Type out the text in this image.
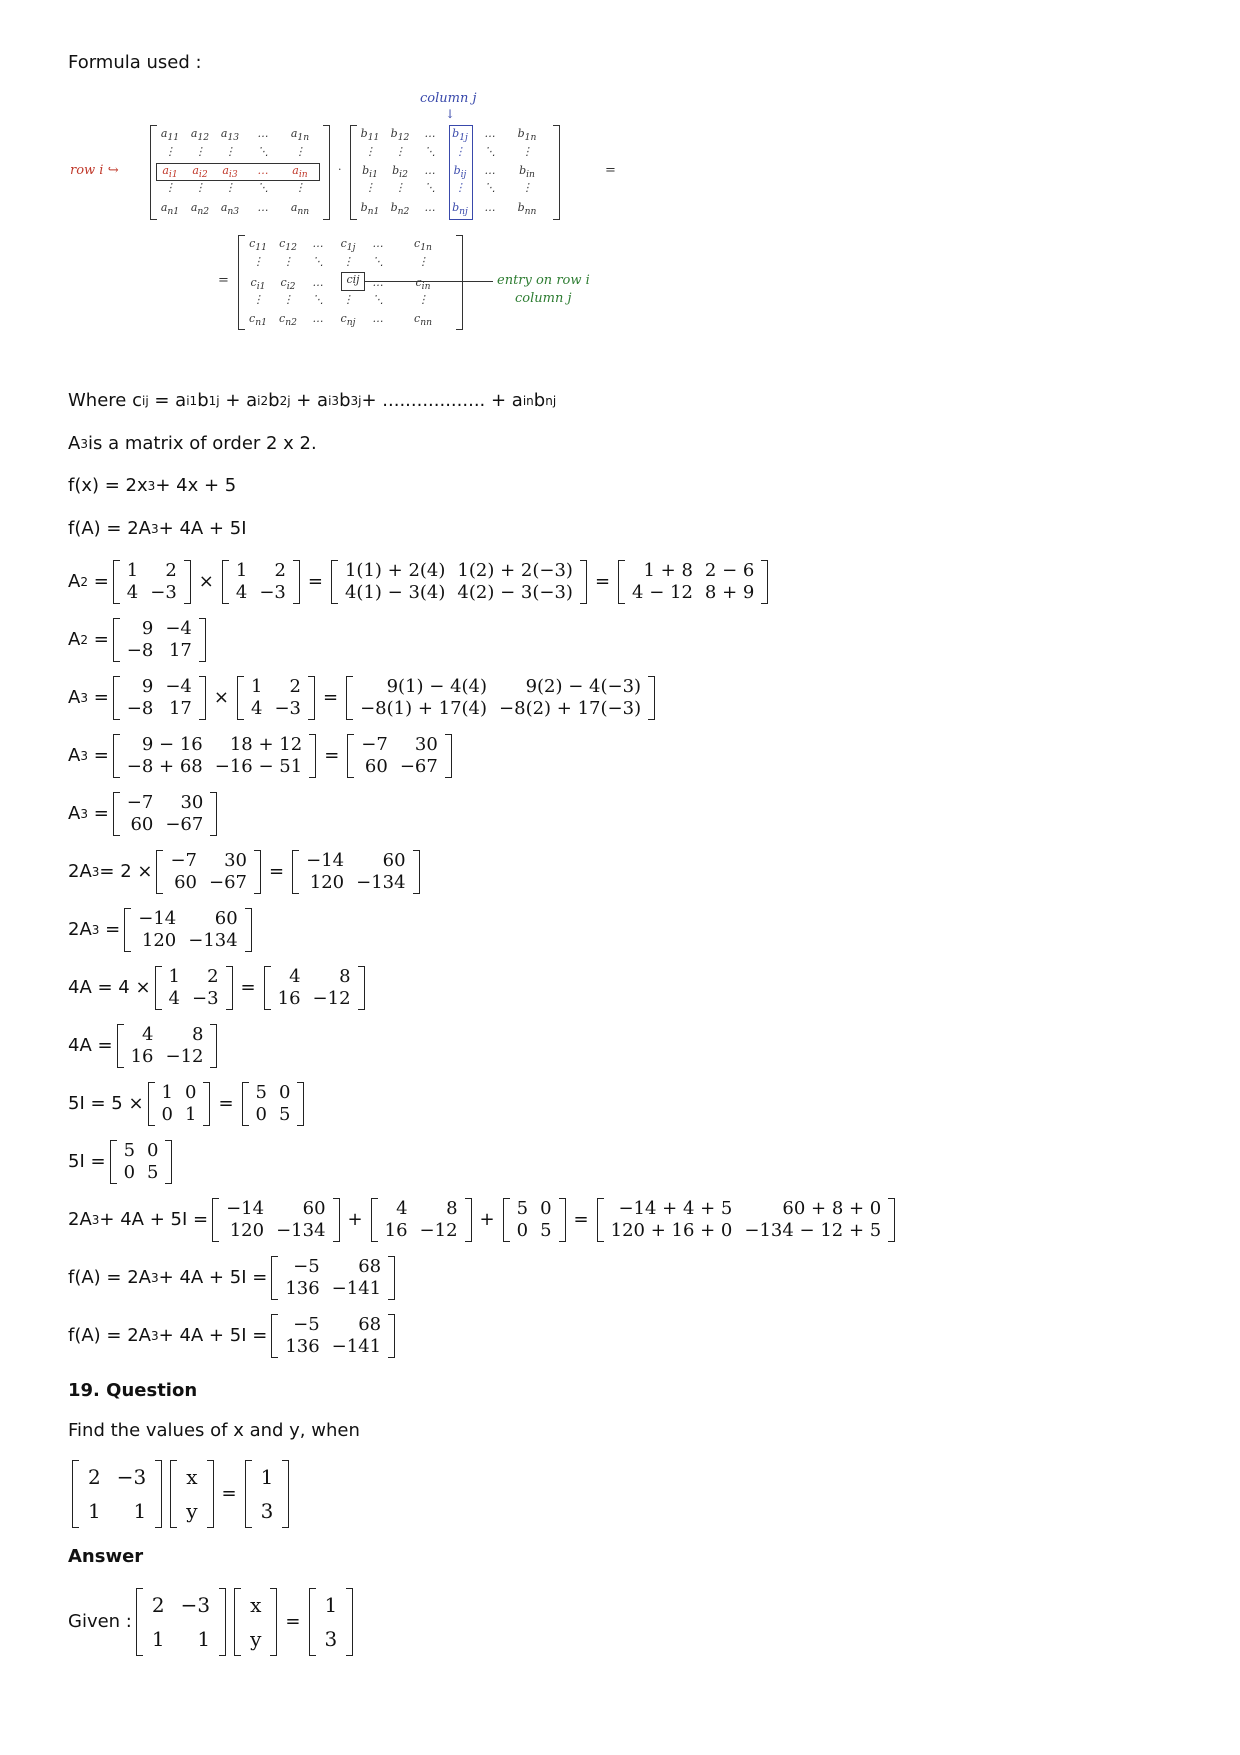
Formula used :
column j
↓
row i ↪
$a_{11}$	$a_{12}$	$a_{13}$	…	$a_{1n}$
⋮	⋮	⋮	⋱	⋮
$a_{i1}$	$a_{i2}$	$a_{i3}$	…	$a_{in}$
⋮	⋮	⋮	⋱	⋮
$a_{n1}$	$a_{n2}$	$a_{n3}$	…	$a_{nn}$
·
$b_{11}$	$b_{12}$	…	$b_{1j}$	…	$b_{1n}$
⋮	⋮	⋱	⋮	⋱	⋮
$b_{i1}$	$b_{i2}$	…	$b_{ij}$	…	$b_{in}$
⋮	⋮	⋱	⋮	⋱	⋮
$b_{n1}$	$b_{n2}$	…	$b_{nj}$	…	$b_{nn}$
=
=
$c_{11}$	$c_{12}$	…	$c_{1j}$	…	$c_{1n}$
⋮	⋮	⋱	⋮	⋱	⋮
$c_{i1}$	$c_{i2}$	…	cij	…	$c_{in}$
⋮	⋮	⋱	⋮	⋱	⋮
$c_{n1}$	$c_{n2}$	…	$c_{nj}$	…	$c_{nn}$
entry on row i
column j
Where c ij = a i1 b 1j + a i2 b 2j + a i3 b 3j + .................. + a in b nj
A 3 is a matrix of order 2 x 2.
f(x) = 2x 3 + 4x + 5
f(A) = 2A 3 + 4A + 5I
A 2
=
1	2
4	−3
×
1	2
4	−3
=
1(1) + 2(4)	1(2) + 2(−3)
4(1) − 3(4)	4(2) − 3(−3)
=
1 + 8	2 − 6
4 − 12	8 + 9
A 2
=
9	−4
−8	17
A 3
=
9	−4
−8	17
×
1	2
4	−3
=
9(1) − 4(4)	9(2) − 4(−3)
−8(1) + 17(4)	−8(2) + 17(−3)
A 3
=
9 − 16	18 + 12
−8 + 68	−16 − 51
=
−7	30
60	−67
A 3
=
−7	30
60	−67
2A 3 = 2 ×
−7	30
60	−67
=
−14	60
120	−134
2A 3
=
−14	60
120	−134
4A = 4 ×
1	2
4	−3
=
4	8
16	−12
4A =
4	8
16	−12
5I = 5 ×
1	0
0	1
=
5	0
0	5
5I =
5	0
0	5
2A 3 + 4A + 5I =
−14	60
120	−134
+
4	8
16	−12
+
5	0
0	5
=
−14 + 4 + 5	60 + 8 + 0
120 + 16 + 0	−134 − 12 + 5
f(A) = 2A 3 + 4A + 5I =
−5	68
136	−141
f(A) = 2A 3 + 4A + 5I =
−5	68
136	−141
19. Question
Find the values of x and y, when
2	−3
1	1
x
y
=
1
3
Answer
Given :
2	−3
1	1
x
y
=
1
3
